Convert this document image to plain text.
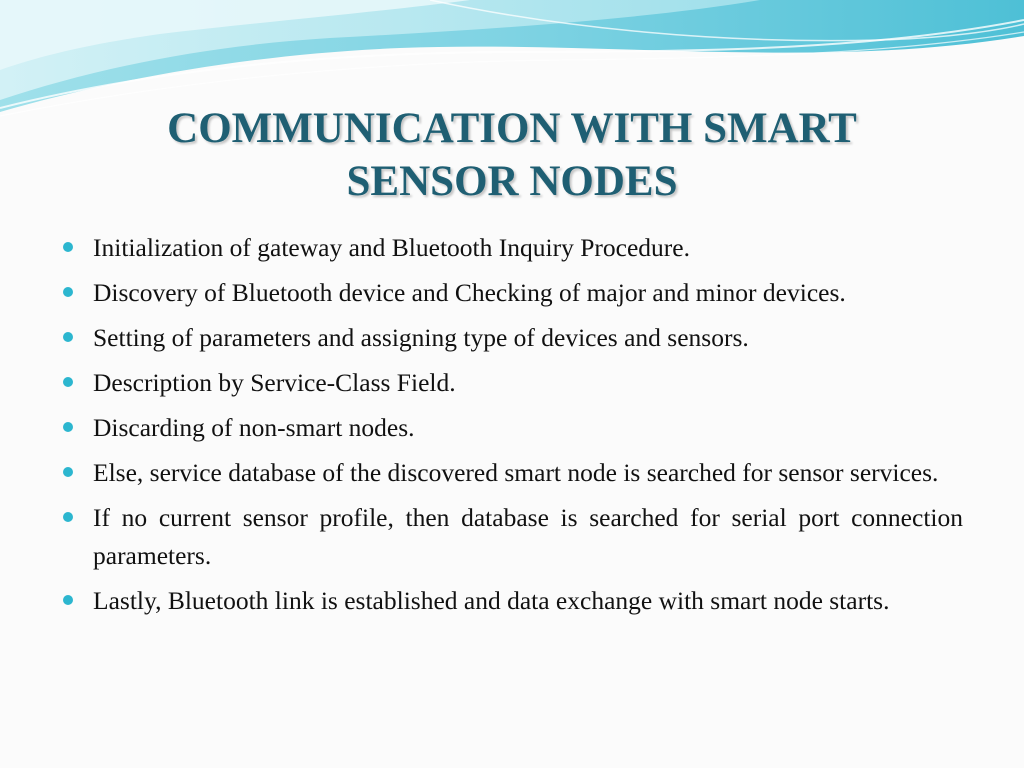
COMMUNICATION WITH SMART
SENSOR NODES
Initialization of gateway and Bluetooth Inquiry Procedure.
Discovery of Bluetooth device and Checking of major and minor devices.
Setting of parameters and assigning type of devices and sensors.
Description by Service-Class Field.
Discarding of non-smart nodes.
Else, service database of the discovered smart node is searched for sensor services.
If no current sensor profile, then database is searched for serial port connection parameters.
Lastly, Bluetooth link is established and data exchange with smart node starts.
